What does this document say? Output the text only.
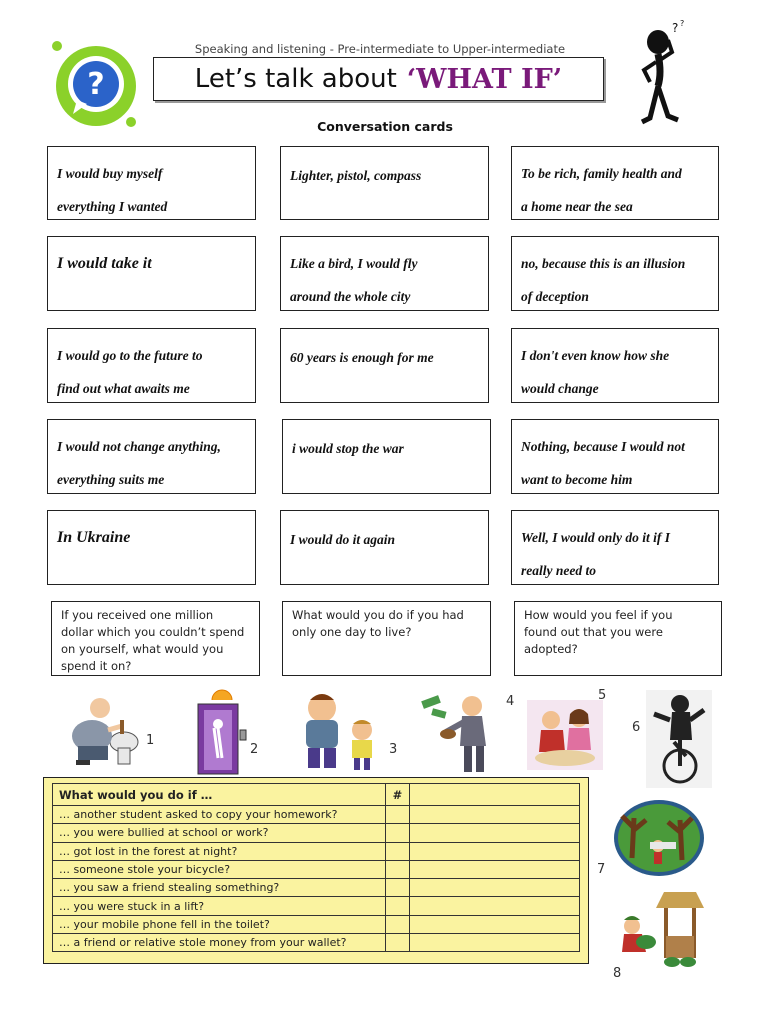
?
Speaking and listening - Pre-intermediate to Upper-intermediate
Let’s talk about ‘WHAT IF’
? ?
Conversation cards
I would buy myself
everything I wanted
Lighter, pistol, compass	To be rich, family health and
a home near the sea
I would take it	Like a bird, I would fly
around the whole city
no, because this is an illusion
of deception
I would go to the future to
find out what awaits me
60 years is enough for me	I don't even know how she
would change
I would not change anything,
everything suits me
i would stop the war	Nothing, because I would not
want to become him
In Ukraine	I would do it again	Well, I would only do it if I
really need to
If you received one million
dollar which you couldn’t spend
on yourself, what would you
spend it on?
What would you do if you had
only one day to live?
How would you feel if you
found out that you were
adopted?
1
2	3
4	5
6
What would you do if …	#	
… another student asked to copy your homework?		
… you were bullied at school or work?		
… got lost in the forest at night?		
… someone stole your bicycle?		
… you saw a friend stealing something?		
… you were stuck in a lift?		
… your mobile phone fell in the toilet?		
… a friend or relative stole money from your wallet?		
7
8
